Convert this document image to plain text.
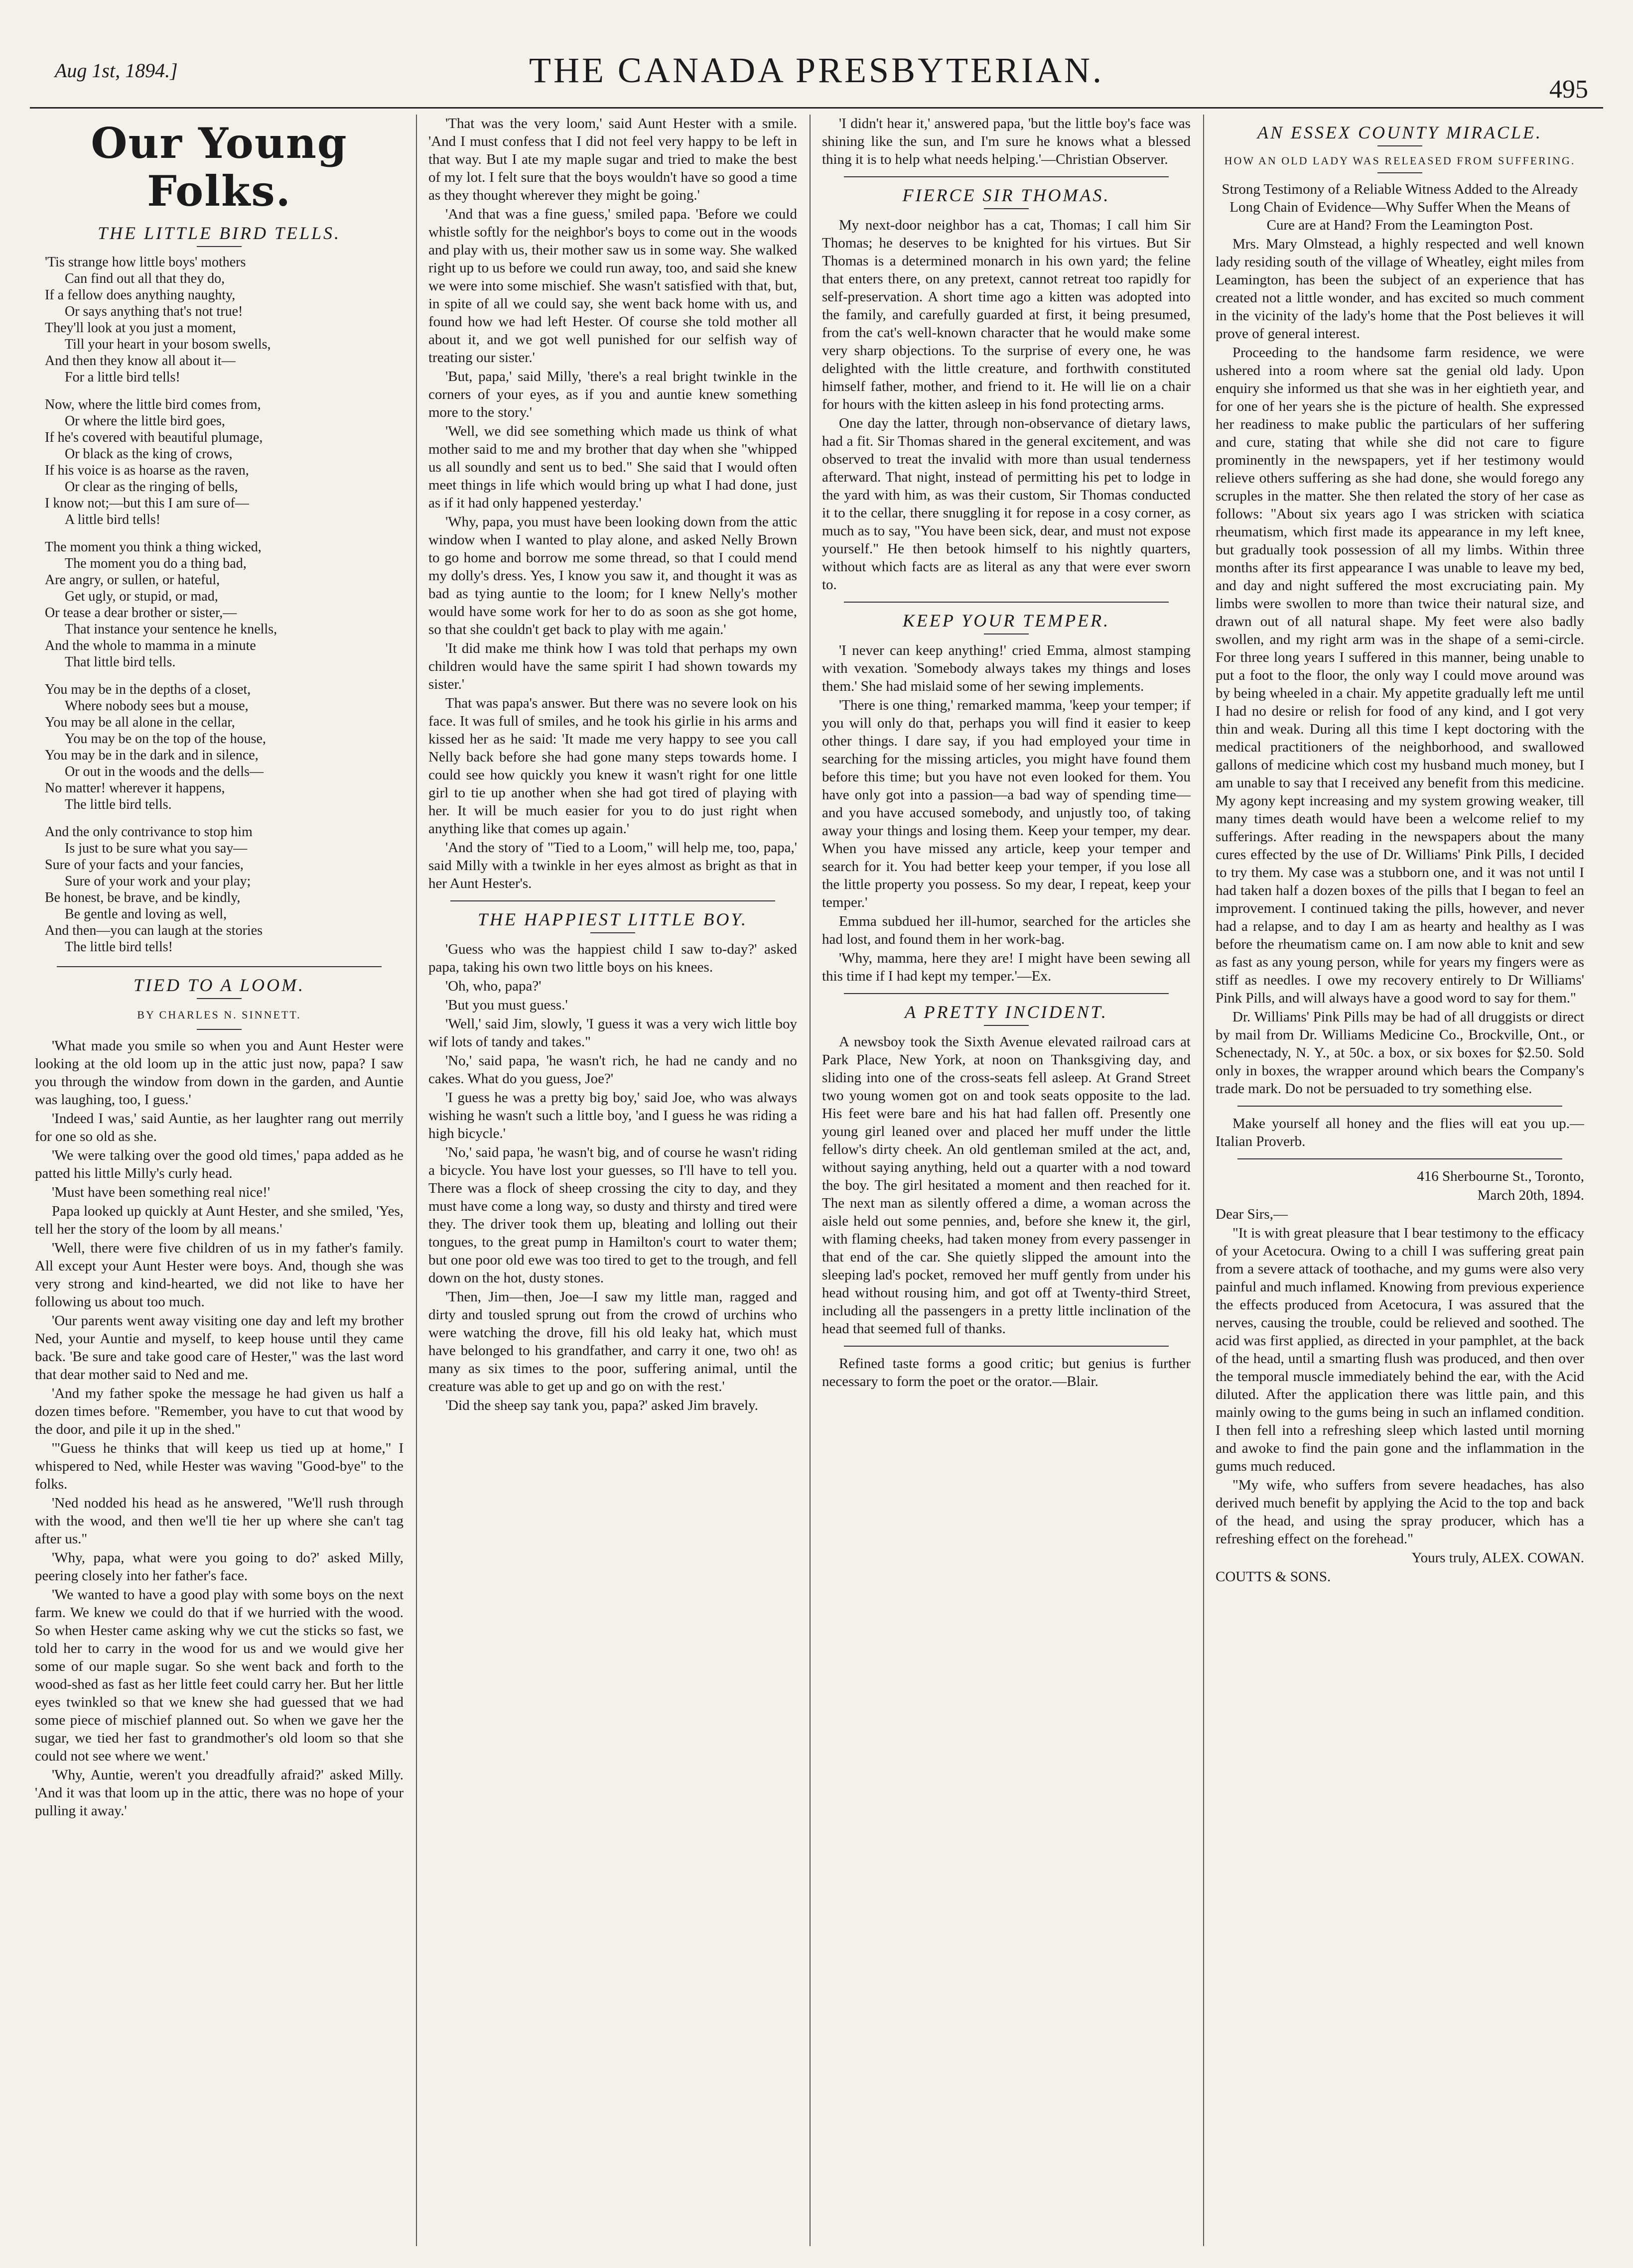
Aug 1st, 1894.]	THE CANADA PRESBYTERIAN.	495
Our Young Folks.
THE LITTLE BIRD TELLS.
'Tis strange how little boys' mothers
Can find out all that they do,
If a fellow does anything naughty,
Or says anything that's not true!
They'll look at you just a moment,
Till your heart in your bosom swells,
And then they know all about it—
For a little bird tells!
Now, where the little bird comes from,
Or where the little bird goes,
If he's covered with beautiful plumage,
Or black as the king of crows,
If his voice is as hoarse as the raven,
Or clear as the ringing of bells,
I know not;—but this I am sure of—
A little bird tells!
The moment you think a thing wicked,
The moment you do a thing bad,
Are angry, or sullen, or hateful,
Get ugly, or stupid, or mad,
Or tease a dear brother or sister,—
That instance your sentence he knells,
And the whole to mamma in a minute
That little bird tells.
You may be in the depths of a closet,
Where nobody sees but a mouse,
You may be all alone in the cellar,
You may be on the top of the house,
You may be in the dark and in silence,
Or out in the woods and the dells—
No matter! wherever it happens,
The little bird tells.
And the only contrivance to stop him
Is just to be sure what you say—
Sure of your facts and your fancies,
Sure of your work and your play;
Be honest, be brave, and be kindly,
Be gentle and loving as well,
And then—you can laugh at the stories
The little bird tells!
TIED TO A LOOM.
BY CHARLES N. SINNETT.

'What made you smile so when you and Aunt Hester were looking at the old loom up in the attic just now, papa? I saw you through the window from down in the garden, and Auntie was laughing, too, I guess.'

'Indeed I was,' said Auntie, as her laughter rang out merrily for one so old as she.

'We were talking over the good old times,' papa added as he patted his little Milly's curly head.

'Must have been something real nice!'

Papa looked up quickly at Aunt Hester, and she smiled, 'Yes, tell her the story of the loom by all means.'

'Well, there were five children of us in my father's family. All except your Aunt Hester were boys. And, though she was very strong and kind-hearted, we did not like to have her following us about too much.

'Our parents went away visiting one day and left my brother Ned, your Auntie and myself, to keep house until they came back. 'Be sure and take good care of Hester," was the last word that dear mother said to Ned and me.

'And my father spoke the message he had given us half a dozen times before. "Remember, you have to cut that wood by the door, and pile it up in the shed."

'"Guess he thinks that will keep us tied up at home," I whispered to Ned, while Hester was waving "Good-bye" to the folks.

'Ned nodded his head as he answered, "We'll rush through with the wood, and then we'll tie her up where she can't tag after us."

'Why, papa, what were you going to do?' asked Milly, peering closely into her father's face.

'We wanted to have a good play with some boys on the next farm. We knew we could do that if we hurried with the wood. So when Hester came asking why we cut the sticks so fast, we told her to carry in the wood for us and we would give her some of our maple sugar. So she went back and forth to the wood-shed as fast as her little feet could carry her. But her little eyes twinkled so that we knew she had guessed that we had some piece of mischief planned out. So when we gave her the sugar, we tied her fast to grandmother's old loom so that she could not see where we went.'

'Why, Auntie, weren't you dreadfully afraid?' asked Milly. 'And it was that loom up in the attic, there was no hope of your pulling it away.'

'That was the very loom,' said Aunt Hester with a smile. 'And I must confess that I did not feel very happy to be left in that way. But I ate my maple sugar and tried to make the best of my lot. I felt sure that the boys wouldn't have so good a time as they thought wherever they might be going.'

'And that was a fine guess,' smiled papa. 'Before we could whistle softly for the neighbor's boys to come out in the woods and play with us, their mother saw us in some way. She walked right up to us before we could run away, too, and said she knew we were into some mischief. She wasn't satisfied with that, but, in spite of all we could say, she went back home with us, and found how we had left Hester. Of course she told mother all about it, and we got well punished for our selfish way of treating our sister.'

'But, papa,' said Milly, 'there's a real bright twinkle in the corners of your eyes, as if you and auntie knew something more to the story.'

'Well, we did see something which made us think of what mother said to me and my brother that day when she "whipped us all soundly and sent us to bed." She said that I would often meet things in life which would bring up what I had done, just as if it had only happened yesterday.'

'Why, papa, you must have been looking down from the attic window when I wanted to play alone, and asked Nelly Brown to go home and borrow me some thread, so that I could mend my dolly's dress. Yes, I know you saw it, and thought it was as bad as tying auntie to the loom; for I knew Nelly's mother would have some work for her to do as soon as she got home, so that she couldn't get back to play with me again.'

'It did make me think how I was told that perhaps my own children would have the same spirit I had shown towards my sister.'

That was papa's answer. But there was no severe look on his face. It was full of smiles, and he took his girlie in his arms and kissed her as he said: 'It made me very happy to see you call Nelly back before she had gone many steps towards home. I could see how quickly you knew it wasn't right for one little girl to tie up another when she had got tired of playing with her. It will be much easier for you to do just right when anything like that comes up again.'

'And the story of "Tied to a Loom," will help me, too, papa,' said Milly with a twinkle in her eyes almost as bright as that in her Aunt Hester's.

THE HAPPIEST LITTLE BOY.

'Guess who was the happiest child I saw to-day?' asked papa, taking his own two little boys on his knees.

'Oh, who, papa?'

'But you must guess.'

'Well,' said Jim, slowly, 'I guess it was a very wich little boy wif lots of tandy and takes."

'No,' said papa, 'he wasn't rich, he had ne candy and no cakes. What do you guess, Joe?'

'I guess he was a pretty big boy,' said Joe, who was always wishing he wasn't such a little boy, 'and I guess he was riding a high bicycle.'

'No,' said papa, 'he wasn't big, and of course he wasn't riding a bicycle. You have lost your guesses, so I'll have to tell you. There was a flock of sheep crossing the city to day, and they must have come a long way, so dusty and thirsty and tired were they. The driver took them up, bleating and lolling out their tongues, to the great pump in Hamilton's court to water them; but one poor old ewe was too tired to get to the trough, and fell down on the hot, dusty stones.

'Then, Jim—then, Joe—I saw my little man, ragged and dirty and tousled sprung out from the crowd of urchins who were watching the drove, fill his old leaky hat, which must have belonged to his grandfather, and carry it one, two oh! as many as six times to the poor, suffering animal, until the creature was able to get up and go on with the rest.'

'Did the sheep say tank you, papa?' asked Jim bravely.

'I didn't hear it,' answered papa, 'but the little boy's face was shining like the sun, and I'm sure he knows what a blessed thing it is to help what needs helping.'—Christian Observer.

FIERCE SIR THOMAS.

My next-door neighbor has a cat, Thomas; I call him Sir Thomas; he deserves to be knighted for his virtues. But Sir Thomas is a determined monarch in his own yard; the feline that enters there, on any pretext, cannot retreat too rapidly for self-preservation. A short time ago a kitten was adopted into the family, and carefully guarded at first, it being presumed, from the cat's well-known character that he would make some very sharp objections. To the surprise of every one, he was delighted with the little creature, and forthwith constituted himself father, mother, and friend to it. He will lie on a chair for hours with the kitten asleep in his fond protecting arms.

One day the latter, through non-observance of dietary laws, had a fit. Sir Thomas shared in the general excitement, and was observed to treat the invalid with more than usual tenderness afterward. That night, instead of permitting his pet to lodge in the yard with him, as was their custom, Sir Thomas conducted it to the cellar, there snuggling it for repose in a cosy corner, as much as to say, "You have been sick, dear, and must not expose yourself." He then betook himself to his nightly quarters, without which facts are as literal as any that were ever sworn to.

KEEP YOUR TEMPER.

'I never can keep anything!' cried Emma, almost stamping with vexation. 'Somebody always takes my things and loses them.' She had mislaid some of her sewing implements.

'There is one thing,' remarked mamma, 'keep your temper; if you will only do that, perhaps you will find it easier to keep other things. I dare say, if you had employed your time in searching for the missing articles, you might have found them before this time; but you have not even looked for them. You have only got into a passion—a bad way of spending time—and you have accused somebody, and unjustly too, of taking away your things and losing them. Keep your temper, my dear. When you have missed any article, keep your temper and search for it. You had better keep your temper, if you lose all the little property you possess. So my dear, I repeat, keep your temper.'

Emma subdued her ill-humor, searched for the articles she had lost, and found them in her work-bag.

'Why, mamma, here they are! I might have been sewing all this time if I had kept my temper.'—Ex.

A PRETTY INCIDENT.

A newsboy took the Sixth Avenue elevated railroad cars at Park Place, New York, at noon on Thanksgiving day, and sliding into one of the cross-seats fell asleep. At Grand Street two young women got on and took seats opposite to the lad. His feet were bare and his hat had fallen off. Presently one young girl leaned over and placed her muff under the little fellow's dirty cheek. An old gentleman smiled at the act, and, without saying anything, held out a quarter with a nod toward the boy. The girl hesitated a moment and then reached for it. The next man as silently offered a dime, a woman across the aisle held out some pennies, and, before she knew it, the girl, with flaming cheeks, had taken money from every passenger in that end of the car. She quietly slipped the amount into the sleeping lad's pocket, removed her muff gently from under his head without rousing him, and got off at Twenty-third Street, including all the passengers in a pretty little inclination of the head that seemed full of thanks.

Refined taste forms a good critic; but genius is further necessary to form the poet or the orator.—Blair.

AN ESSEX COUNTY MIRACLE.
HOW AN OLD LADY WAS RELEASED FROM SUFFERING.

Strong Testimony of a Reliable Witness Added to the Already Long Chain of Evidence—Why Suffer When the Means of Cure are at Hand? From the Leamington Post.

Mrs. Mary Olmstead, a highly respected and well known lady residing south of the village of Wheatley, eight miles from Leamington, has been the subject of an experience that has created not a little wonder, and has excited so much comment in the vicinity of the lady's home that the Post believes it will prove of general interest.

Proceeding to the handsome farm residence, we were ushered into a room where sat the genial old lady. Upon enquiry she informed us that she was in her eightieth year, and for one of her years she is the picture of health. She expressed her readiness to make public the particulars of her suffering and cure, stating that while she did not care to figure prominently in the newspapers, yet if her testimony would relieve others suffering as she had done, she would forego any scruples in the matter. She then related the story of her case as follows: "About six years ago I was stricken with sciatica rheumatism, which first made its appearance in my left knee, but gradually took possession of all my limbs. Within three months after its first appearance I was unable to leave my bed, and day and night suffered the most excruciating pain. My limbs were swollen to more than twice their natural size, and drawn out of all natural shape. My feet were also badly swollen, and my right arm was in the shape of a semi-circle. For three long years I suffered in this manner, being unable to put a foot to the floor, the only way I could move around was by being wheeled in a chair. My appetite gradually left me until I had no desire or relish for food of any kind, and I got very thin and weak. During all this time I kept doctoring with the medical practitioners of the neighborhood, and swallowed gallons of medicine which cost my husband much money, but I am unable to say that I received any benefit from this medicine. My agony kept increasing and my system growing weaker, till many times death would have been a welcome relief to my sufferings. After reading in the newspapers about the many cures effected by the use of Dr. Williams' Pink Pills, I decided to try them. My case was a stubborn one, and it was not until I had taken half a dozen boxes of the pills that I began to feel an improvement. I continued taking the pills, however, and never had a relapse, and to day I am as hearty and healthy as I was before the rheumatism came on. I am now able to knit and sew as fast as any young person, while for years my fingers were as stiff as needles. I owe my recovery entirely to Dr Williams' Pink Pills, and will always have a good word to say for them."

Dr. Williams' Pink Pills may be had of all druggists or direct by mail from Dr. Williams Medicine Co., Brockville, Ont., or Schenectady, N. Y., at 50c. a box, or six boxes for $2.50. Sold only in boxes, the wrapper around which bears the Company's trade mark. Do not be persuaded to try something else.

Make yourself all honey and the flies will eat you up.—Italian Proverb.

416 Sherbourne St., Toronto,

March 20th, 1894.

Dear Sirs,—

"It is with great pleasure that I bear testimony to the efficacy of your Acetocura. Owing to a chill I was suffering great pain from a severe attack of toothache, and my gums were also very painful and much inflamed. Knowing from previous experience the effects produced from Acetocura, I was assured that the nerves, causing the trouble, could be relieved and soothed. The acid was first applied, as directed in your pamphlet, at the back of the head, until a smarting flush was produced, and then over the temporal muscle immediately behind the ear, with the Acid diluted. After the application there was little pain, and this mainly owing to the gums being in such an inflamed condition. I then fell into a refreshing sleep which lasted until morning and awoke to find the pain gone and the inflammation in the gums much reduced.

"My wife, who suffers from severe headaches, has also derived much benefit by applying the Acid to the top and back of the head, and using the spray producer, which has a refreshing effect on the forehead."

Yours truly, ALEX. COWAN.

COUTTS & SONS.
